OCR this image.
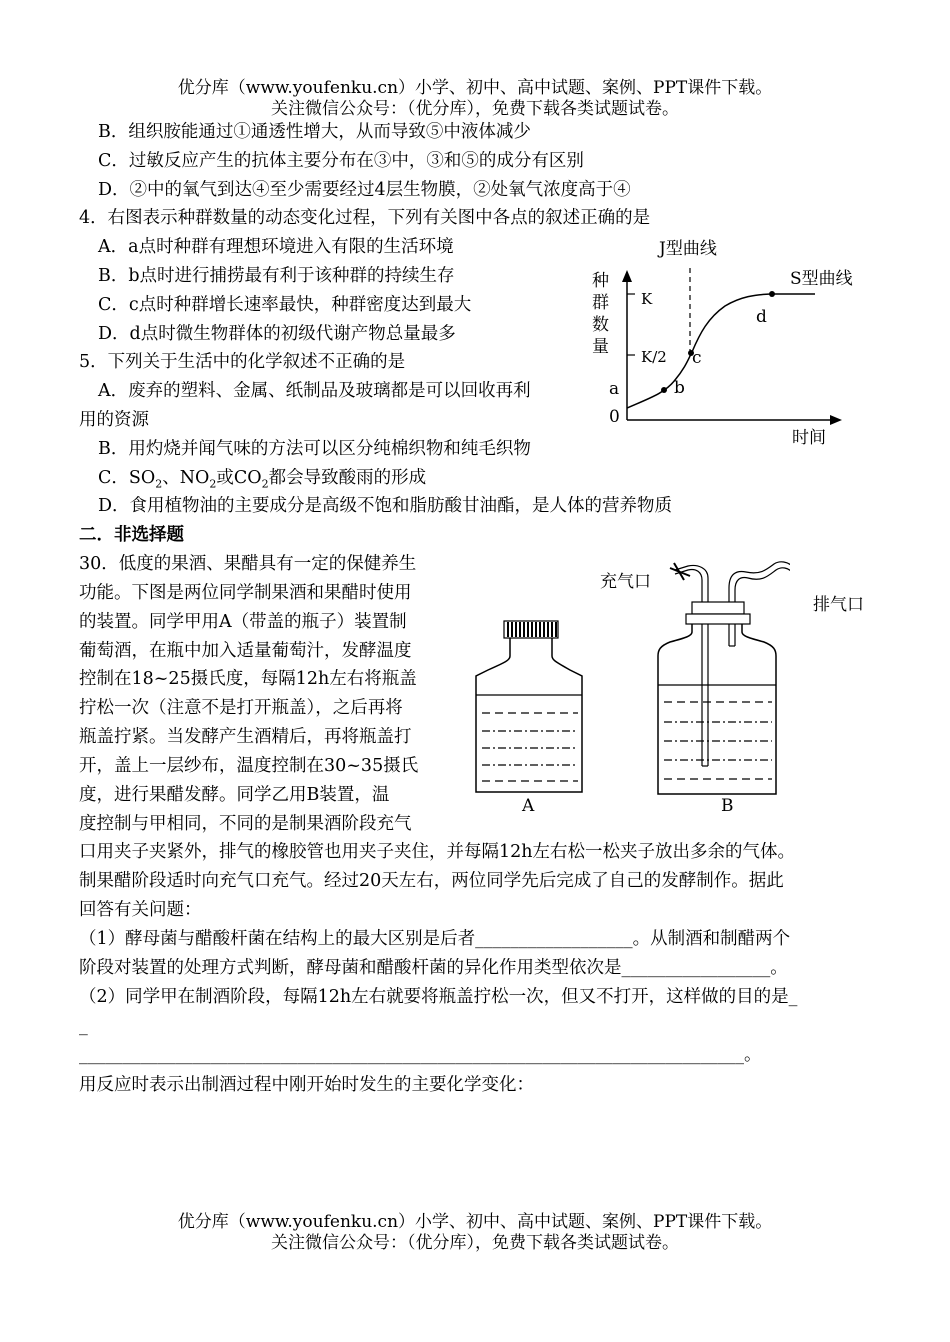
优分库（www.youfenku.cn）小学、初中、高中试题、案例、PPT课件下载。
关注微信公众号：（优分库），免费下载各类试题试卷。
B．组织胺能通过①通透性增大，从而导致⑤中液体减少
C．过敏反应产生的抗体主要分布在③中，③和⑤的成分有区别
D．②中的氧气到达④至少需要经过4层生物膜，②处氧气浓度高于④
4．右图表示种群数量的动态变化过程，下列有关图中各点的叙述正确的是
A．a点时种群有理想环境进入有限的生活环境
B．b点时进行捕捞最有利于该种群的持续生存
C．c点时种群增长速率最快，种群密度达到最大
D．d点时微生物群体的初级代谢产物总量最多
5．下列关于生活中的化学叙述不正确的是
A．废弃的塑料、金属、纸制品及玻璃都是可以回收再利
用的资源
B．用灼烧并闻气味的方法可以区分纯棉织物和纯毛织物
C．$SO_2$、$NO_2$或$CO_2$都会导致酸雨的形成
D．食用植物油的主要成分是高级不饱和脂肪酸甘油酯，是人体的营养物质
二．非选择题
30．低度的果酒、果醋具有一定的保健养生
功能。下图是两位同学制果酒和果醋时使用
的装置。同学甲用A（带盖的瓶子）装置制
葡萄酒，在瓶中加入适量葡萄汁，发酵温度
控制在18~25摄氏度，每隔12h左右将瓶盖
拧松一次（注意不是打开瓶盖），之后再将
瓶盖拧紧。当发酵产生酒精后，再将瓶盖打
开，盖上一层纱布，温度控制在30~35摄氏
度，进行果醋发酵。同学乙用B装置，温
度控制与甲相同，不同的是制果酒阶段充气
口用夹子夹紧外，排气的橡胶管也用夹子夹住，并每隔12h左右松一松夹子放出多余的气体。
制果醋阶段适时向充气口充气。经过20天左右，两位同学先后完成了自己的发酵制作。据此
回答有关问题：
（1）酵母菌与醋酸杆菌在结构上的最大区别是后者__________________。从制酒和制醋两个
阶段对装置的处理方式判断，酵母菌和醋酸杆菌的异化作用类型依次是_________________。
（2）同学甲在制酒阶段，每隔12h左右就要将瓶盖拧松一次，但又不打开，这样做的目的是_
_
____________________________________________________________________________。
用反应时表示出制酒过程中刚开始时发生的主要化学变化：
J型曲线
S型曲线
种群数量
K
K/2
d
c
b
a
0
时间
充气口
排气口
A	B
优分库（www.youfenku.cn）小学、初中、高中试题、案例、PPT课件下载。
关注微信公众号：（优分库），免费下载各类试题试卷。
